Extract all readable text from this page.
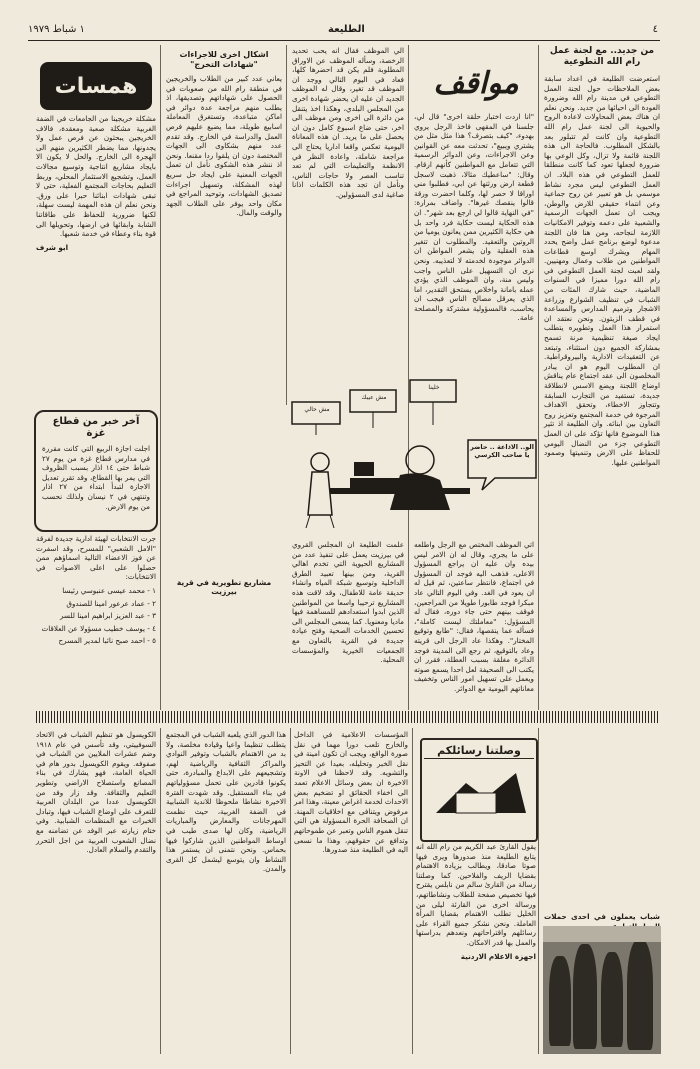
٤
الطليعة
١ شباط ١٩٧٩
من جديد.. مع لجنة عمل رام الله التطوعية

استعرضت الطليعة في اعداد سابقة بعض الملاحظات حول لجنة العمل التطوعي في مدينة رام الله وضرورة العودة الى احيائها من جديد. ونحن نعلم ان هناك بعض المحاولات لاعادة الروح والحيوية الى لجنة عمل رام الله التطوعية وان كانت لم تتبلور بعد بالشكل المطلوب. فالحاجة الى هذه اللجنة قائمة ولا تزال، وكل الوعي بها ضرورة لجعلها تعود كما كانت منطلقا للعمل التطوعي في هذه البلاد. ان العمل التطوعي ليس مجرد نشاط موسمي بل هو تعبير عن روح جماعية وعن انتماء حقيقي للارض والوطن، ويجب ان تعمل الجهات الرسمية والشعبية على دعمه وتوفير الامكانيات اللازمة لنجاحه، ومن هنا فان اللجنة مدعوة لوضع برنامج عمل واضح يحدد المهام ويشرك اوسع قطاعات المواطنين من طلاب وعمال ومهنيين. ولقد لعبت لجنة العمل التطوعي في رام الله دورا مميزا في السنوات الماضية، حيث شارك المئات من الشباب في تنظيف الشوارع وزراعة الاشجار وترميم المدارس والمساعدة في قطف الزيتون. ونحن نعتقد ان استمرار هذا العمل وتطويره يتطلب ايجاد صيغة تنظيمية مرنة تسمح بمشاركة الجميع دون استثناء، وتبتعد عن التعقيدات الادارية والبيروقراطية. ان المطلوب اليوم هو ان يبادر المخلصون الى عقد اجتماع عام يناقش اوضاع اللجنة ويضع الاسس لانطلاقة جديدة، تستفيد من التجارب السابقة وتتجاوز الاخطاء، وتحقق الاهداف المرجوة في خدمة المجتمع وتعزيز روح التعاون بين ابنائه. وان الطليعة اذ تثير هذا الموضوع فانها تؤكد على ان العمل التطوعي جزء من النضال اليومي للحفاظ على الارض وتنميتها وصمود المواطنين عليها.

شباب يعملون في احدى حملات
مواقف

"انا اردت اختبار حلقة اخرى" قال لي، جلسنا في المقهى فاخذ الرجل يروي بهدوء، "كيف بتصرف؟ هذا مثل مثل من يشتري ويبيع"، تحدثت معه عن القوانين وعن الاجراءات، وعن الدوائر الرسمية التي تتعامل مع المواطنين كأنهم ارقام. وقال: "ساعطيك مثالا، ذهبت لاسجل قطعة ارض ورثتها عن ابي، فطلبوا مني اوراقا لا حصر لها، وكلما احضرت ورقة قالوا ينقصك غيرها". واضاف بمرارة: "في النهاية قالوا لي ارجع بعد شهر". ان هذه الحكاية ليست حكاية فرد واحد بل هي حكاية الكثيرين ممن يعانون يوميا من الروتين والتعقيد. والمطلوب ان تتغير هذه العقلية وان يشعر المواطن ان الدوائر موجودة لخدمته لا لتعذيبه. ونحن نرى ان التسهيل على الناس واجب وليس منة، وان الموظف الذي يؤدي عمله بامانة واخلاص يستحق التقدير، اما الذي يعرقل مصالح الناس فيجب ان يحاسب، فالمسؤولية مشتركة والمصلحة عامة.

الي الموظف فقال انه يحب تحديد الرخصة، وسأله الموظف عن الاوراق المطلوبة فلم يكن قد احضرها كلها، فعاد في اليوم التالي ووجد ان الموظف قد تغير، وقال له الموظف الجديد ان عليه ان يحضر شهادة اخرى من المجلس البلدي، وهكذا اخذ يتنقل من دائرة الى اخرى ومن موظف الى اخر، حتى ضاع اسبوع كامل دون ان يحصل على ما يريد. ان هذه المعاناة اليومية تعكس واقعا اداريا يحتاج الى مراجعة شاملة، واعادة النظر في الانظمة والتعليمات التي لم تعد تناسب العصر ولا حاجات الناس، ونأمل ان تجد هذه الكلمات اذانا صاغية لدى المسؤولين.

مش حالي
مش عيبك
خلينا
الو.. الاذاعة .. حاضر يا صاحب الكرسي

اتي الموظف المختص مع الرجل واطلعه على ما يجري، وقال له ان الامر ليس بيده وان عليه ان يراجع المسؤول الاعلى، فذهب اليه فوجد ان المسؤول في اجتماع، فانتظر ساعتين، ثم قيل له ان يعود في الغد. وفي اليوم التالي عاد مبكرا فوجد طابورا طويلا من المراجعين، فوقف بينهم حتى جاء دوره، فقال له المسؤول: "معاملتك ليست كاملة"، فسأله عما ينقصها، فقال: "طابع وتوقيع المختار". وهكذا عاد الرجل الى قريته وعاد بالتوقيع، ثم رجع الى المدينة فوجد الدائرة مغلقة بسبب العطلة، فقرر ان يكتب الى الصحيفة لعل احدا يسمع صوته ويعمل على تسهيل امور الناس وتخفيف معاناتهم اليومية مع الدوائر.

علمت الطليعة ان المجلس القروي في بيرزيت يعمل على تنفيذ عدد من المشاريع الحيوية التي تخدم اهالي القرية، ومن بينها تعبيد الطرق الداخلية وتوسيع شبكة المياه وانشاء حديقة عامة للاطفال، وقد لاقت هذه المشاريع ترحيبا واسعا من المواطنين الذين ابدوا استعدادهم للمساهمة فيها ماديا ومعنويا. كما يسعى المجلس الى تحسين الخدمات الصحية وفتح عيادة جديدة في القرية بالتعاون مع الجمعيات الخيرية والمؤسسات المحلية.

اشكال اخرى للاجراءات "شهادات التخرج"

يعاني عدد كبير من الطلاب والخريجين في منطقة رام الله من صعوبات في الحصول على شهاداتهم وتصديقها، اذ يطلب منهم مراجعة عدة دوائر في اماكن متباعدة، وتستغرق المعاملة اسابيع طويلة، مما يضيع عليهم فرص العمل والدراسة في الخارج. وقد تقدم عدد منهم بشكاوى الى الجهات المختصة دون ان يلقوا ردا مقنعا. ونحن اذ ننشر هذه الشكوى نأمل ان تعمل الجهات المعنية على ايجاد حل سريع لهذه المشكلة، وتسهيل اجراءات تصديق الشهادات، وتوحيد المراجع في مكان واحد يوفر على الطلاب الجهد والوقت والمال.

مشاريع تطويرية في قرية بيرزيت
همسات

مشكلة خريجينا من الجامعات في الضفة الغربية مشكلة صعبة ومعقدة، فالاف الخريجين يبحثون عن فرص عمل ولا يجدونها، مما يضطر الكثيرين منهم الى الهجرة الى الخارج. والحل لا يكون الا بايجاد مشاريع انتاجية وتوسيع مجالات العمل، وتشجيع الاستثمار المحلي، وربط التعليم بحاجات المجتمع الفعلية، حتى لا تبقى شهادات ابنائنا حبرا على ورق. ونحن نعلم ان هذه المهمة ليست سهلة، لكنها ضرورية للحفاظ على طاقاتنا الشابة وابقائها في ارضها، وتحويلها الى قوة بناء وعطاء في خدمة شعبها.

ابو شرف
آخر خبر من قطاع غزة
اجلت اجازة الربيع التي كانت مقررة في مدارس قطاع غزة من يوم ٢٧ شباط حتى ١٤ اذار بسبب الظروف التي يمر بها القطاع، وقد تقرر تعديل الاجازة لتبدأ ابتداء من ٢٧ اذار وتنتهي في ٢ نيسان ولذلك نحسب من يوم الارض.

جرت الانتخابات لهيئة ادارية جديدة لفرقة "الامل الشعبي" للمسرح، وقد اسفرت عن فوز الاعضاء التالية اسماؤهم ممن حصلوا على اعلى الاصوات في الانتخابات:

١ - محمد عيسى عنبوسي رئيسا
٢ - عماد عرعور امينا للصندوق
٣ - عبد العزيز ابراهيم امينا للسر
٤ - يوسف خطيب مسؤولا عن العلاقات
٥ - احمد صبح نائبا لمدير المسرح
وصلتنا رسائلكم

يقول القارئ عبد الكريم من رام الله انه يتابع الطليعة منذ صدورها ويرى فيها صوتا صادقا، ويطالب بزيادة الاهتمام بقضايا الريف والفلاحين. كما وصلتنا رسالة من القارئ سالم من نابلس يقترح فيها تخصيص صفحة للطلاب ونشاطاتهم، ورسالة اخرى من القارئة ليلى من الخليل تطلب الاهتمام بقضايا المرأة العاملة. ونحن نشكر جميع القراء على رسائلهم واقتراحاتهم ونعدهم بدراستها والعمل بها قدر الامكان.

اجهزة الاعلام الاردنية

المؤسسات الاعلامية في الداخل والخارج تلعب دورا مهما في نقل صورة الواقع، ويجب ان تكون امينة في نقل الخبر وتحليله، بعيدا عن التحيز والتشويه. وقد لاحظنا في الاونة الاخيرة ان بعض وسائل الاعلام تعمد الى اخفاء الحقائق او تضخيم بعض الاحداث لخدمة اغراض معينة، وهذا امر مرفوض ويتنافى مع اخلاقيات المهنة. ان الصحافة الحرة المسؤولة هي التي تنقل هموم الناس وتعبر عن طموحاتهم وتدافع عن حقوقهم، وهذا ما نسعى اليه في الطليعة منذ صدورها.

هذا الدور الذي يلعبه الشباب في المجتمع يتطلب تنظيما واعيا وقيادة مخلصة، ولا بد من الاهتمام بالشباب وتوفير النوادي والمراكز الثقافية والرياضية لهم، وتشجيعهم على الابداع والمبادرة، حتى يكونوا قادرين على تحمل مسؤولياتهم في بناء المستقبل. وقد شهدت الفترة الاخيرة نشاطا ملحوظا للاندية الشبابية في الضفة الغربية، حيث نظمت المهرجانات والمعارض والمباريات الرياضية، وكان لها صدى طيب في اوساط المواطنين الذين شاركوا فيها بحماس. ونحن نتمنى ان يستمر هذا النشاط وان يتوسع ليشمل كل القرى والمدن.

الكويسول هو تنظيم الشباب في الاتحاد السوفييتي، وقد تأسس في عام ١٩١٨ وضم عشرات الملايين من الشباب في صفوفه. ويقوم الكويسول بدور هام في الحياة العامة، فهو يشارك في بناء المصانع واستصلاح الاراضي وتطوير التعليم والثقافة. وقد زار وفد من الكويسول عددا من البلدان العربية للتعرف على اوضاع الشباب فيها، وتبادل الخبرات مع المنظمات الشبابية. وفي ختام زيارته عبر الوفد عن تضامنه مع نضال الشعوب العربية من اجل التحرر والتقدم والسلام العادل.
